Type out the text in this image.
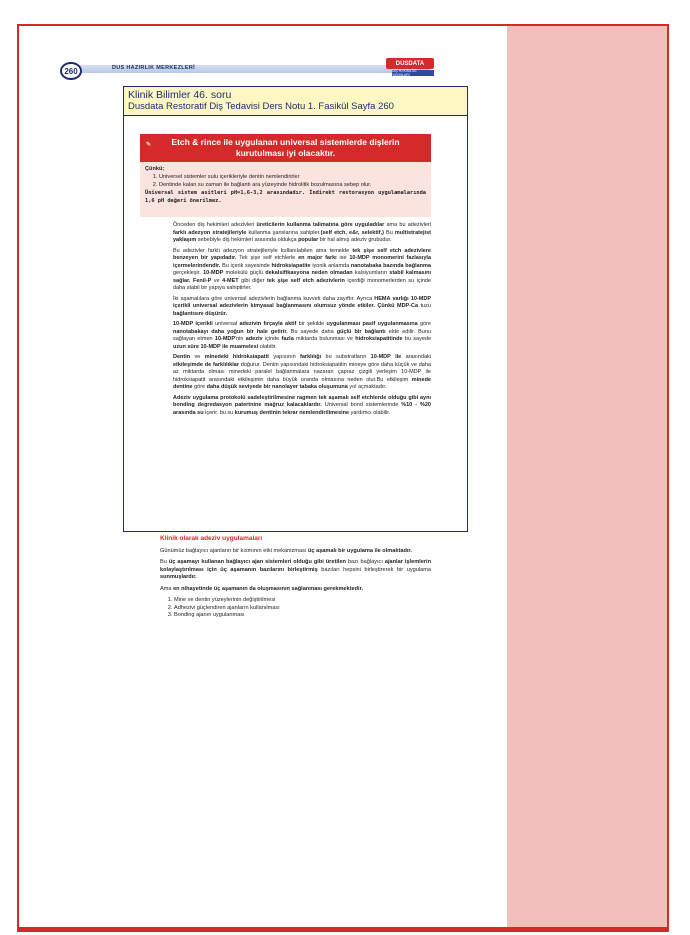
260	DUS HAZIRLIK MERKEZLERİ
DUSDATA
DİŞ HEKİMLİĞİ YAYINLARI
Klinik Bilimler 46. soru
Dusdata Restoratif Diş Tedavisi Ders Notu 1. Fasikül Sayfa 260
✎	Etch & rince ile uygulanan universal sistemlerde dişlerin kurutulması iyi olacaktır.
Çünkü;
1. Universel sistemler sulu içerikleriyle dentin nemlendirirler
2. Dentinde kalan su zaman ile bağlantı ara yüzeyinde hidrolitik bozulmasına sebep olur.
Üniversal sistem asitleri pH=1,6-3,2 arasındadır. İndirekt restorasyon uygulamalarında 1,6 pH değeri önerilmez.

Önceden diş hekimleri adezivleri üreticilerin kullanma talimatına göre uyguladılar ama bu adezivleri farklı adezyon stratejileriyle kullanma şanslarına sahipler.(self etch, e&r, selektif,) Bu multistratejist yaklaşım sebebiyle diş hekimleri arasında oldukça popular bir hal almış adeziv grubudur.

Bu adezivler farklı adezyon stratejileriyle kullanılabilen ama temelde tek şişe self etch adezivlere benzeyen bir yapıdadır. Tek şişe self etchlerle en major farkı ise 10-MDP monomerini fazlasıyla içermelerindendir. Bu içerik sayesinde hidroksiapatite iyonik anlamda nanotabaka bazında bağlanma gerçekleşir. 10-MDP molekülü güçlü dekalsifikasyona neden olmadan kalsiyumların stabil kalmasını sağlar. Fenil-P ve 4-MET gibi diğer tek şişe self etch adezivlerin içerdiği monomerlerden su içinde daha stabil bir yapıya sahiptirler.

İki aşamalılara göre universal adezivlerin bağlanma kuvveti daha zayıftır. Ayrıca HEMA varlığı 10-MDP içerikli universal adezivlerin kimyasal bağlanmasını olumsuz yönde etkiler. Çünkü MDP-Ca tuzu bağlantısını düşürür.

10-MDP içerikli universal adezivin fırçayla aktif bir şekilde uygulanması pasif uygulanmasına göre nanotabakayı daha yoğun bir hale getirir. Bu sayede daha güçlü bir bağlantı elde edilir. Bunu sağlayan etmen 10-MDP'nin adeziv içinde fazla miktarda bulunması ve hidroksiapatitinde bu sayede uzun süre 10-MDP ile muamelesi olabilir.

Dentin ve minedeki hidroksiapatit yapısının farklılığı bu substratların 10-MDP ile arasındaki etkileşimde de farklılıklar doğurur. Dentin yapısındaki hidroksiapatitin mineye göre daha küçük ve daha az miktarda olması minedeki paralel bağlanmalara nazaran çapraz çizgili yerleşim 10-MDP ile hidroksiapatit arasındaki etkileşimin daha büyük oranda olmasına neden olur.Bu etkileşim minede dentine göre daha düşük seviyede bir nanolayer tabaka oluşumuna yol açmaktadır.

Adeziv uygulama protokolü sadeleştirilmesine ragmen tek aşamalı self etchlerde olduğu gibi aynı bonding degredasyon patertnine mağruz kalacaklardır. Universal bond sistemlerinde %10 - %20 arasında su içerir. bu su kurumuş dentinin tekrar nemlendirilimesine yardımcı olabilir.

Klinik olarak adeziv uygulamaları

Günümüz bağlayıcı ajanların bir kısmının etki mekanizması üç aşamalı bir uygulama ile olmaktadır.

Bu üç aşamayı kullanan bağlayıcı ajan sistemleri olduğu gibi üretilen bazı bağlayıcı ajanlar işlemlerin kolaylaştırılması için üç aşamanın bazılarını birleştirmiş bazıları hepsini birleştirerek bir uygulama sunmuşlardır.

Ama en nihayetinde üç aşamanın da oluşmasının sağlanması gerekmektedir.

1. Mine ve dentin yüzeylerinin değiştirilmesi
2. Adhezivi güçlendiren ajanların kullanılması
3. Bonding ajanın uygulanması
